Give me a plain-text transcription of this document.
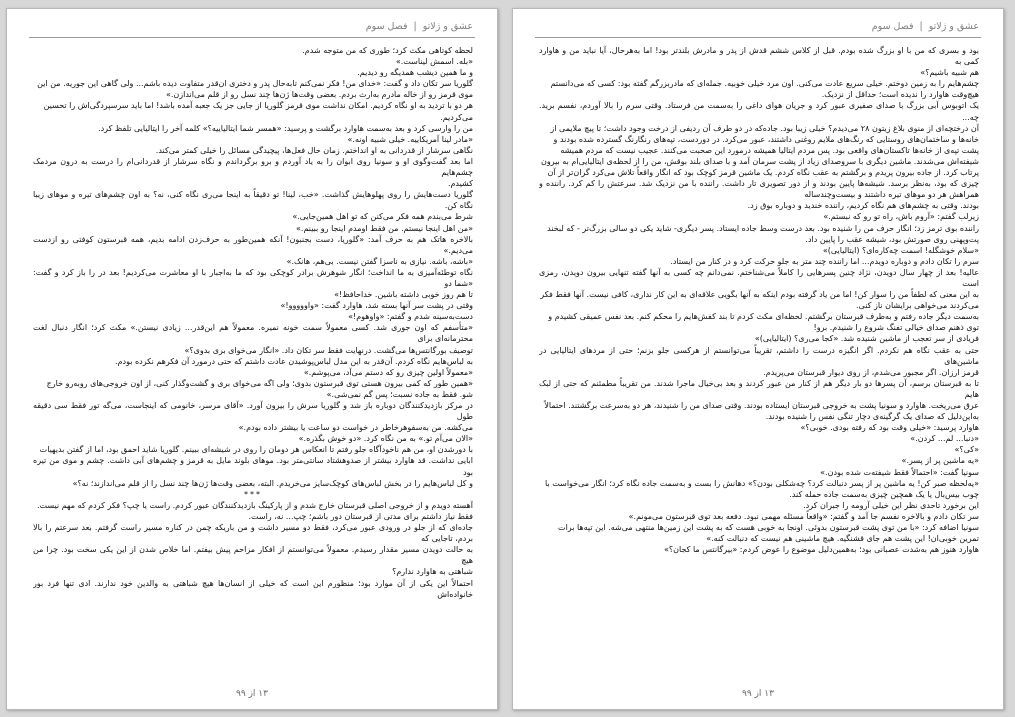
عشق و ژلاتو
|
فصل سوم

بود و بسری که من با او بزرگ شده بودم. قبل از کلاس ششم قدش از پدر و مادرش بلندتر بود! اما به‌هرحال، آیا نباید من و هاوارد کمی به

هم شبیه باشیم؟»

چشم‌هایم را به زمین دوختم. خیلی سریع عادت می‌کنی. اون مرد خیلی خوبیه. جمله‌ای که مادربزرگم گفته بود: کسی که می‌دانستم

هیچ‌وقت هاوارد را ندیده است؛ حداقل از نزدیک.

یک اتوبوس آبی بزرگ با صدای صفیری عبور کرد و جریان هوای داغی را به‌سمت من فرستاد. وقتی سرم را بالا آوردم، نفسم برید. چه...

آن درختچه‌ای از منوی بلاغ زیتون ۲۸ می‌دیدم؟ خیلی زیبا بود. جاده‌که در دو طرف آن ردیفی از درخت وجود داشت؛ تا پیچ ملایمی از

خانه‌ها و ساختمان‌های روستایی که رنگ‌های ملایم روغنی داشتند، عبور می‌کرد. در دوردست، تپه‌های رنگارنگ گسترده شده بودند و

پشت تپه‌ی از خانه‌ها تاکستان‌های واقعی بود. پس مردم ایتالیا همیشه درمورد این صحبت می‌کنند. عجیب نیست که مردم همیشه

شیفته‌اش می‌شدند. ماشین دیگری با سروصدای زیاد از پشت سرمان آمد و با صدای بلند بوقش، من را از لحظه‌ی ایتالیایی‌ام به بیرون

پرتاب کرد. از جاده بیرون پریدم و برگشتم به عقب نگاه کردم. یک ماشین قرمز کوچک بود که انگار واقعاً تلاش می‌کرد گران‌تر از آن

چیزی که بود، به‌نظر برسد. شیشه‌ها پایین بودند و از دور تصویری تار داشت. راننده با من نزدیک شد. سرعتش را کم کرد. راننده و همراهش هر دو موهای تیره داشتند و بیست‌وچندساله

بودند. وقتی به چشم‌های هم نگاه کردیم، راننده خندید و دوباره بوق زد.

زیرلب گفتم: «آروم باش، راه تو رو که نبستم.»

راننده بوی ترمز زد؛ انگار حرف من را شنیده بود. بعد درست وسط جاده ایستاد. پسر دیگری- شاید یکی دو سالی بزرگ‌تر - که لبخند

پت‌وپهنی روی صورتش بود، شیشه عقب را پایین داد.

«سلام خوشگله! اسمت چه‌کاره‌ای؟ (ایتالیایی)»

سرم را تکان دادم و دوباره دویدم... اما راننده چند متر به جلو حرکت کرد و در کنار من ایستاد.

عالیه! بعد از چهار سال دویدن، نژاد چنین پسرهایی را کاملاً می‌شناختم. نمی‌دانم چه کسی به آنها گفته تنهایی بیرون دویدن، رمزی است

به این معنی که لطفاً من را سوار کن! اما من یاد گرفته بودم اینکه به آنها بگویی علاقه‌ای به این کار نداری، کافی نیست. آنها فقط فکر

می‌کردند می‌خواهی برایشان ناز کنی.

به‌سمت دیگر جاده رفتم و به‌طرف قبرستان برگشتم. لحظه‌ای مکث کردم تا بند کفش‌هایم را محکم کنم. بعد نفس عمیقی کشیدم و

توی ذهنم صدای خیالی تفنگ شروع را شنیدم. برو!

فریادی از سر تعجب از ماشین شنیده شد. «کجا می‌ری؟ (ایتالیایی)»

حتی به عقب نگاه هم نکردم. اگر انگیزه درست را داشتم، تقریباً می‌توانستم از هرکسی جلو بزنم؛ حتی از مردهای ایتالیایی در ماشین‌های

قرمز ارزان. اگر مجبور می‌شدم، از روی دیوار قبرستان می‌پریدم.

تا به قبرستان برسم، آن پسرها دو بار دیگر هم از کنار من عبور کردند و بعد بی‌خیال ماجرا شدند. من تقریباً مطمئنم که حتی از لبک هایم

عرق می‌ریخت. هاوارد و سونیا پشت به خروجی قبرستان ایستاده بودند. وقتی صدای من را شنیدند، هر دو به‌سرعت برگشتند. احتمالاً

به‌این‌دلیل که صدای یک گرگینه‌ی دچار تنگی نفس را شنیده بودند.

هاوارد پرسید: «خیلی وقت بود که رفته بودی. خوبی؟»

«دنبا... لم... کردن.»

«کی؟»

«یه ماشین پر از پسر.»

سونیا گفت: «احتمالاً فقط شیفته‌ت شده بودن.»

«یه‌لحظه صبر کن! یه ماشین پر از پسر دنبالت کرد؟ چه‌شکلی بودن؟» دهانش را بست و به‌سمت جاده نگاه کرد؛ انگار می‌خواست با

چوب بیس‌بال یا یک همچین چیزی به‌سمت جاده حمله کند.

این برخورد تاحدی نظر این خیلی آرومه را جبران کرد.

سر تکان دادم و بالاخره نفسم جا آمد و گفتم: «واقعاً مسئله مهمی نبود. دفعه بعد توی قبرستون می‌مونم.»

سونیا اضافه کرد: «با من توی پشت قبرستون بدوئی. اونجا به خوبی هست که به پشت این زمین‌ها منتهی می‌شه. این تپه‌ها برات

تمرین خوبی‌ان! این پشت هم جای قشنگیه. هیچ ماشینی هم نیست که دنبالت کنه.»

هاوارد هنوز هم به‌شدت عصبانی بود؛ به‌همین‌دلیل موضوع را عوض کردم: «بیرگانتس ما کجان؟»

۱۳ از ۹۹
عشق و ژلاتو
|
فصل سوم

لحظه کوتاهی مکث کرد؛ طوری که من متوجه شدم.

«بله. اسمش لیناست.»

و ما همین دیشب همدیگه رو دیدیم.

گلوریا سر تکان داد و گفت: «خدای من! فکر نمی‌کنم تابه‌حال پدر و دختری ان‌قدر متفاوت دیده باشم... ولی گاهی این جوریه. من این

موی قرمز رو از خاله مادرم به‌ارث بردم. بعضی وقت‌ها ژن‌ها چند نسل رو از قلم می‌اندازن.»

هر دو با تردید به او نگاه کردیم. امکان نداشت موی قرمز گلوریا از جایی جز یک جعبه آمده باشد! اما باید سرسپردگی‌اش را تحسین

می‌کردیم.

من را وارسی کرد و بعد به‌سمت هاوارد برگشت و پرسید: «همسر شما ایتالیاییه؟» کلمه آخر را ایتالیایی تلفظ کرد.

«مادر لینا آمریکاییه. خیلی شبیه اونه.»

نگاهی سرشار از قدردانی به او انداختم. زمان حال فعل‌ها، پیچیدگی مسائل را خیلی کمتر می‌کند.

اما بعد گفت‌وگوی او و سونیا روی ابوان را به یاد آوردم و برو برگرداندم و نگاه سرشار از قدردانی‌ام را درست به درون مردمک چشم‌هایم

کشیدم.

گلوریا دست‌هایش را روی پهلوهایش گذاشت. «خب، لینا! تو دقیقاً به اینجا می‌ری نگاه کنی، نه؟ به اون چشم‌های تیره و موهای زیبا نگاه کن.

شرط می‌بندم همه فکر می‌کنن که تو اهل همین‌جایی.»

«من اهل اینجا نیستم. من فقط اومدم اینجا رو ببینم.»

بالاخره هاتک هم به حرف آمد: «گلوریا، دست بجنبون! آنکه همین‌طور به حرف‌زدن ادامه بدیم، همه قبرستون کوفتی رو ازدست می‌دیم.»

«باشه، باشه. نیازی به ناسزا گفتن نیست. بی‌هم، هانک.»

نگاه توطئه‌آمیزی به ما انداخت؛ انگار شوهرش برادر کوچکی بود که ما به‌اجبار با او معاشرت می‌کردیم! بعد در را باز کرد و گفت: «شما دو

تا هم روز خوبی داشته باشین. خداحافظ!»

وقتی در پشت سر آنها بسته شد، هاوارد گفت: «واووووو!»

دست‌به‌سینه شدم و گفتم: «واوهوم!»

«متأسفم که اون جوری شد. کسی معمولاً سمت خونه نمیره. معمولاً هم این‌قدر... زیادی نیستن.» مکث کرد؛ انگار دنبال لغت محترمانه‌ای برای

توصیف بورگانتس‌ها می‌گشت. درنهایت فقط سر تکان داد. «انگار می‌خوای بری بدوی؟»

به لباس‌هایم نگاه کردم. آن‌قدر به این مدل لباس‌پوشیدن عادت داشتم که حتی درمورد آن فکرهم نکرده بودم.

«معمولاً اولین چیزی رو که دستم می‌آد، می‌پوشم.»

«همین طور که کمی بیرون هستی توی قبرستون بدوی؛ ولی اگه می‌خوای بری و گشت‌وگذار کنی، از اون خروجی‌های روبه‌رو خارج

شو. فقط به جاده نسبت؛ پس گم نمی‌شی.»

در مرکز بازدیدکنندگان دوباره باز شد و گلوریا سرش را بیرون آورد. «آقای مرسر، خانومی که اینجاست، می‌گه تور فقط سی دقیقه طول

می‌کشه. من به‌سفوهرخاطر در خواست دو ساعت یا بیشتر داده بودم.»

«الان می‌آم تو.» به من نگاه کرد. «دو خوش بگذره.»

با دورشدن او، من هم ناخودآگاه جلو رفتم تا انعکاس هر دومان را روی در شیشه‌ای ببینم. گلوریا شاید احمق بود، اما از گفتن بدیهیات

ابایی نداشت. قد هاوارد بیشتر از صدوهشتاد سانتی‌متر بود. موهای بلوند مایل به قرمز و چشم‌های آبی داشت. چشم و موی من تیره بود

و کل لباس‌هایم را در بخش لباس‌های کوچک‌سایز می‌خریدم. البته، بعضی وقت‌ها ژن‌ها چند نسل را از قلم می‌اندازند؛ نه؟»

***

آهسته دویدم و از خروجی اصلی قبرستان خارج شدم و از پارکینگ بازدیدکنندگان عبور کردم. راست یا چپ؟ فکر کردم که مهم نیست.

فقط نیاز داشتم برای مدتی از قبرستان دور باشم؛ چپ... نه، راست.

جاده‌ای که از جلو در ورودی عبور می‌کرد، فقط دو مسیر داشت و من باریکه چمن در کناره مسیر راست گرفتم. بعد سرعتم را بالا بردم، تاجایی که

به حالت دویدن مسیر مقدار رسیدم. معمولاً می‌توانستم از افکار مزاحم پیش بیفتم. اما خلاص شدن از این یکی سخت بود. چرا من هیچ

شباهتی به هاوارد ندارم؟

احتمالاً این یکی از آن موارد بود؛ منظورم این است که خیلی از انسان‌ها هیچ شباهتی به والدین خود ندارند. ادی تنها فرد بور خانواده‌اش

۱۳ از ۹۹
